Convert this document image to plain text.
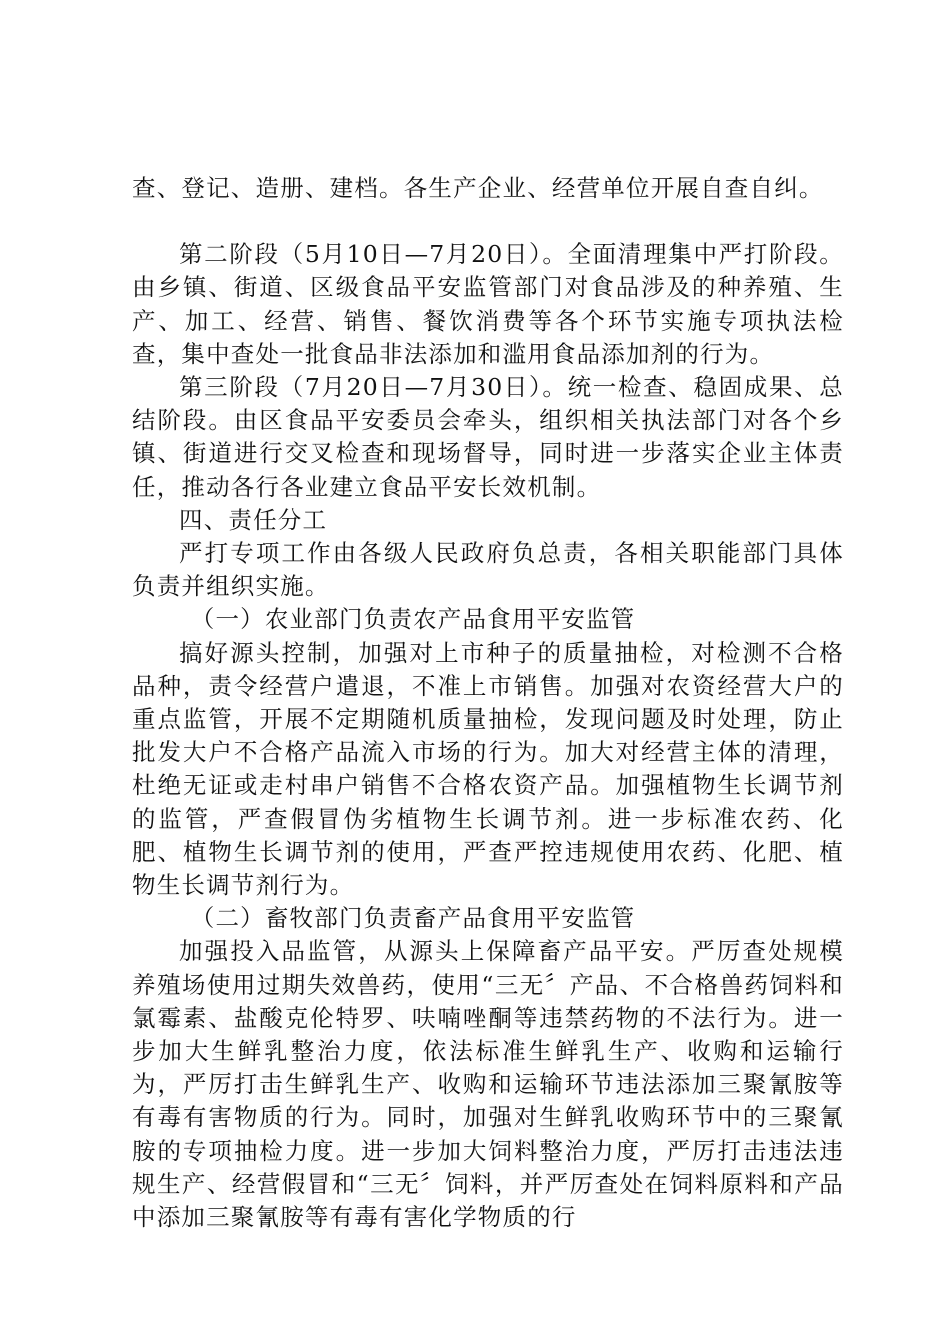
查、登记、造册、建档。各生产企业、经营单位开展自查自纠。

第二阶段（5月10日—7月20日）。全面清理集中严打阶段。由乡镇、街道、区级食品平安监管部门对食品涉及的种养殖、生产、加工、经营、销售、餐饮消费等各个环节实施专项执法检查，集中查处一批食品非法添加和滥用食品添加剂的行为。

第三阶段（7月20日—7月30日）。统一检查、稳固成果、总结阶段。由区食品平安委员会牵头，组织相关执法部门对各个乡镇、街道进行交叉检查和现场督导，同时进一步落实企业主体责任，推动各行各业建立食品平安长效机制。

四、责任分工

严打专项工作由各级人民政府负总责，各相关职能部门具体负责并组织实施。

（一）农业部门负责农产品食用平安监管

搞好源头控制，加强对上市种子的质量抽检，对检测不合格品种，责令经营户遣退，不准上市销售。加强对农资经营大户的重点监管，开展不定期随机质量抽检，发现问题及时处理，防止批发大户不合格产品流入市场的行为。加大对经营主体的清理，杜绝无证或走村串户销售不合格农资产品。加强植物生长调节剂的监管，严查假冒伪劣植物生长调节剂。进一步标准农药、化肥、植物生长调节剂的使用，严查严控违规使用农药、化肥、植物生长调节剂行为。

（二）畜牧部门负责畜产品食用平安监管

加强投入品监管，从源头上保障畜产品平安。严厉查处规模养殖场使用过期失效兽药，使用“三无〞产品、不合格兽药饲料和氯霉素、盐酸克伦特罗、呋喃唑酮等违禁药物的不法行为。进一步加大生鲜乳整治力度，依法标准生鲜乳生产、收购和运输行为，严厉打击生鲜乳生产、收购和运输环节违法添加三聚氰胺等有毒有害物质的行为。同时，加强对生鲜乳收购环节中的三聚氰胺的专项抽检力度。进一步加大饲料整治力度，严厉打击违法违规生产、经营假冒和“三无〞饲料，并严厉查处在饲料原料和产品中添加三聚氰胺等有毒有害化学物质的行
